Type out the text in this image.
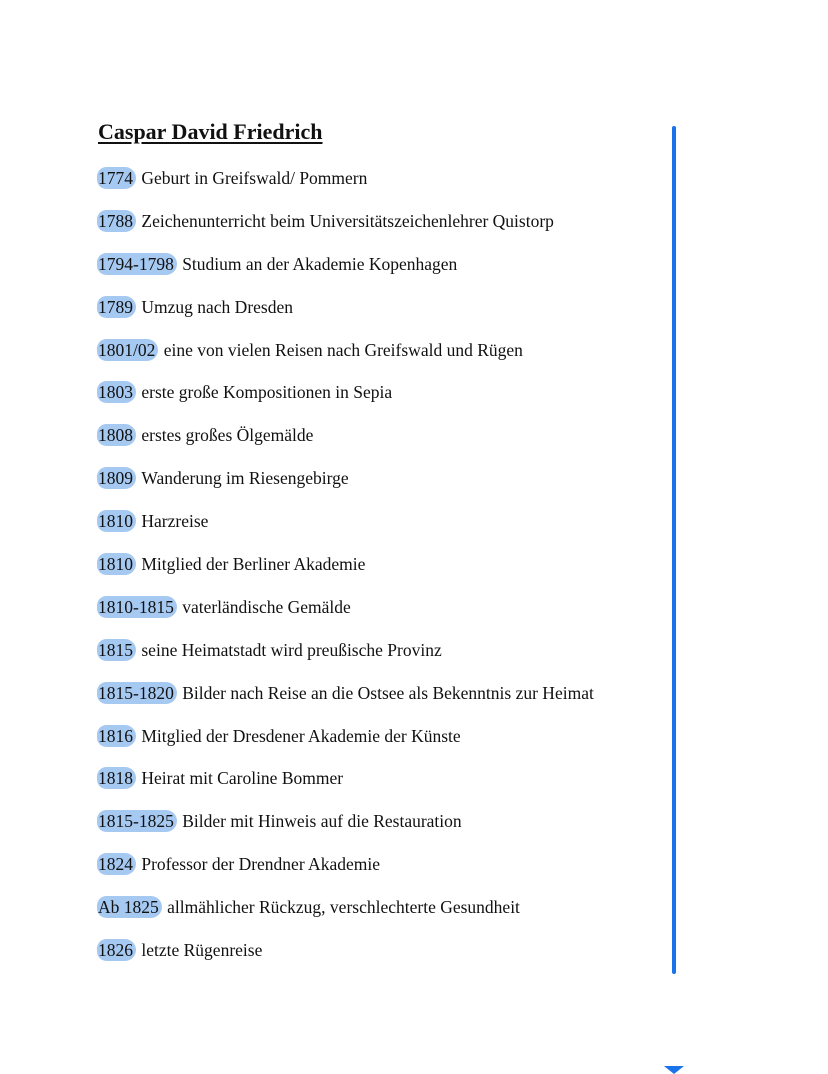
Caspar David Friedrich
1774 Geburt in Greifswald/ Pommern
1788 Zeichenunterricht beim Universitätszeichenlehrer Quistorp
1794-1798 Studium an der Akademie Kopenhagen
1789 Umzug nach Dresden
1801/02 eine von vielen Reisen nach Greifswald und Rügen
1803 erste große Kompositionen in Sepia
1808 erstes großes Ölgemälde
1809 Wanderung im Riesengebirge
1810 Harzreise
1810 Mitglied der Berliner Akademie
1810-1815 vaterländische Gemälde
1815 seine Heimatstadt wird preußische Provinz
1815-1820 Bilder nach Reise an die Ostsee als Bekenntnis zur Heimat
1816 Mitglied der Dresdener Akademie der Künste
1818 Heirat mit Caroline Bommer
1815-1825 Bilder mit Hinweis auf die Restauration
1824 Professor der Drendner Akademie
Ab 1825 allmählicher Rückzug, verschlechterte Gesundheit
1826 letzte Rügenreise
